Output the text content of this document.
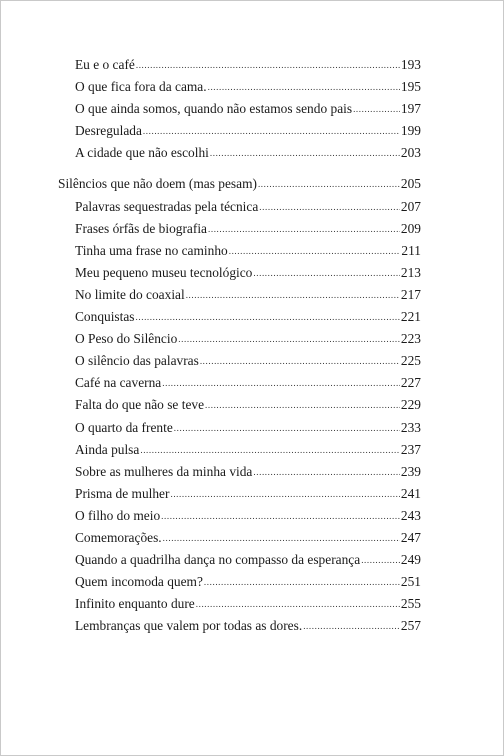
Eu e o café .....	193
O que fica fora da cama. .....	195
O que ainda somos, quando não estamos sendo pais .....	197
Desregulada .....	199
A cidade que não escolhi .....	203
Silêncios que não doem (mas pesam) .....	205
Palavras sequestradas pela técnica .....	207
Frases órfãs de biografia .....	209
Tinha uma frase no caminho .....	211
Meu pequeno museu tecnológico .....	213
No limite do coaxial .....	217
Conquistas .....	221
O Peso do Silêncio .....	223
O silêncio das palavras .....	225
Café na caverna .....	227
Falta do que não se teve .....	229
O quarto da frente .....	233
Ainda pulsa .....	237
Sobre as mulheres da minha vida .....	239
Prisma de mulher .....	241
O filho do meio .....	243
Comemorações. .....	247
Quando a quadrilha dança no compasso da esperança .....	249
Quem incomoda quem? .....	251
Infinito enquanto dure .....	255
Lembranças que valem por todas as dores. .....	257
